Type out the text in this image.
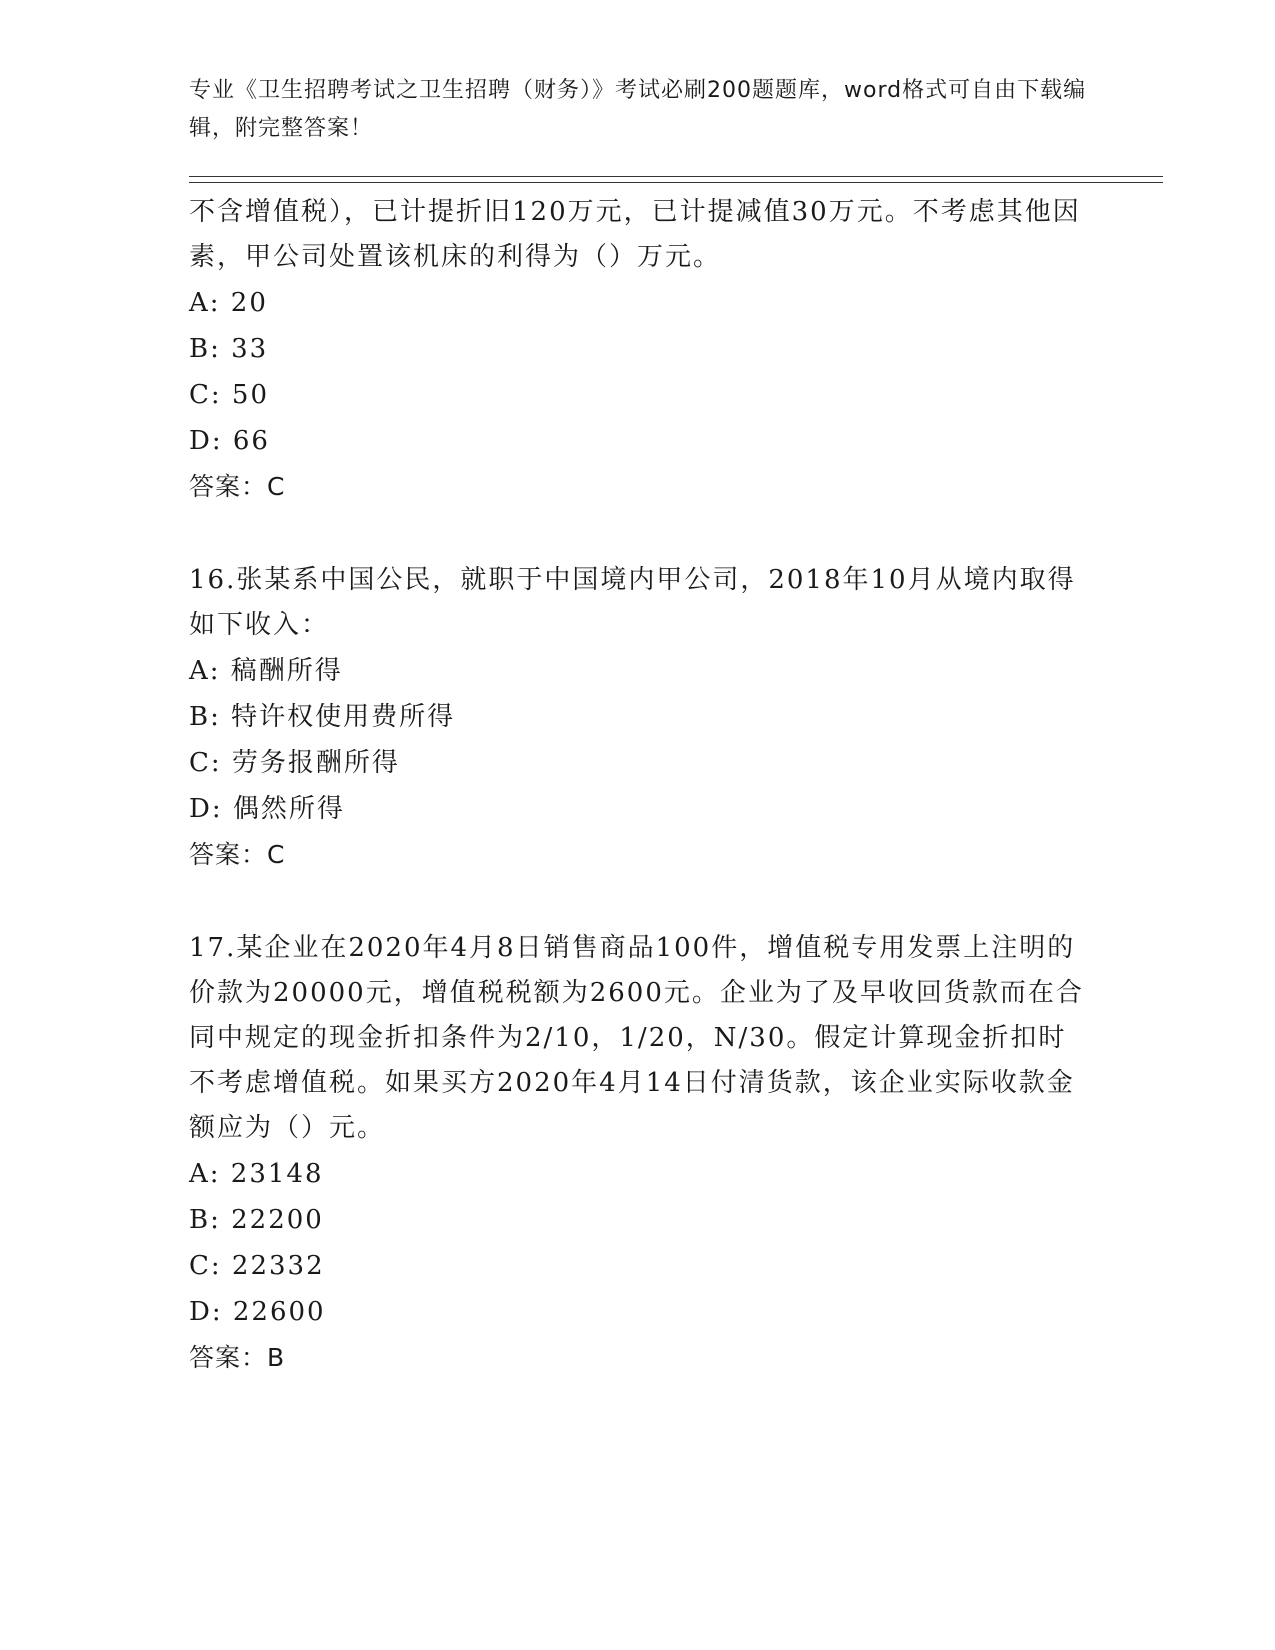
专业《卫生招聘考试之卫生招聘（财务）》考试必刷200题题库，word格式可自由下载编辑，附完整答案！
不含增值税），已计提折旧120万元，已计提减值30万元。不考虑其他因素，甲公司处置该机床的利得为（）万元。
A: 20
B: 33
C: 50
D: 66
答案：C
16.张某系中国公民，就职于中国境内甲公司，2018年10月从境内取得如下收入：
A: 稿酬所得
B: 特许权使用费所得
C: 劳务报酬所得
D: 偶然所得
答案：C
17.某企业在2020年4月8日销售商品100件，增值税专用发票上注明的价款为20000元，增值税税额为2600元。企业为了及早收回货款而在合同中规定的现金折扣条件为2/10，1/20，N/30。假定计算现金折扣时不考虑增值税。如果买方2020年4月14日付清货款，该企业实际收款金额应为（）元。
A: 23148
B: 22200
C: 22332
D: 22600
答案：B
